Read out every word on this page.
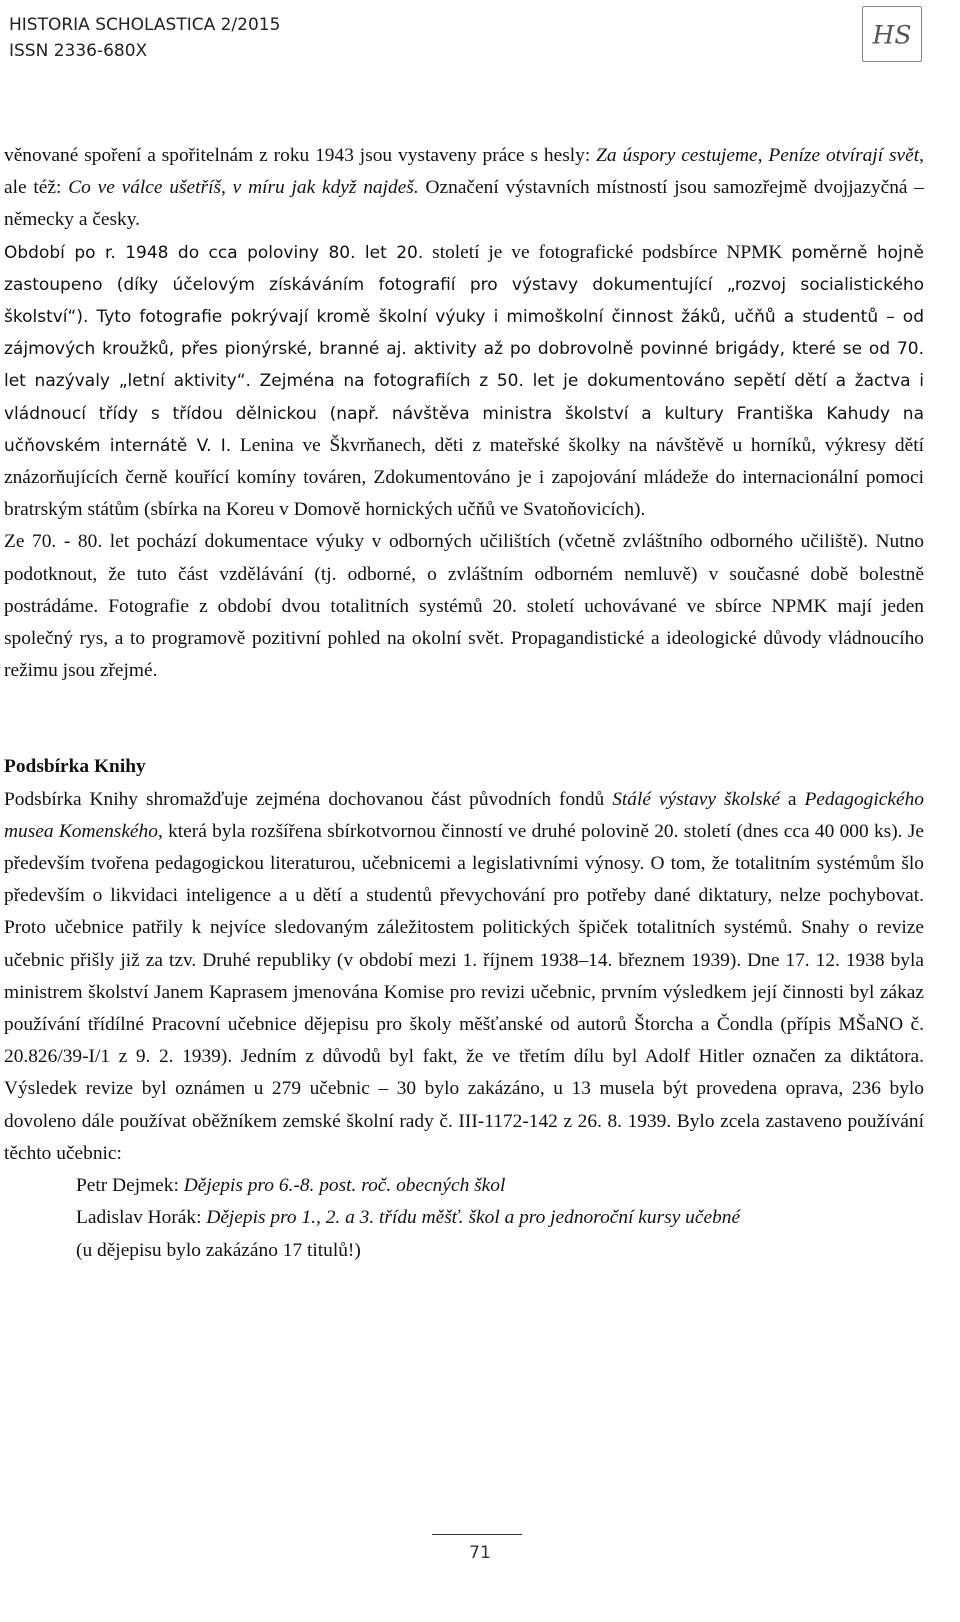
HISTORIA SCHOLASTICA 2/2015
ISSN 2336-680X
HS

věnované spoření a spořitelnám z roku 1943 jsou vystaveny práce s hesly: Za úspory cestujeme, Peníze otvírají svět, ale též: Co ve válce ušetříš, v míru jak když najdeš. Označení výstavních místností jsou samozřejmě dvojjazyčná – německy a česky.

Období po r. 1948 do cca poloviny 80. let 20. století je ve fotografické podsbírce NPMK poměrně hojně zastoupeno (díky účelovým získáváním fotografií pro výstavy dokumentující „rozvoj socialistického školství“). Tyto fotografie pokrývají kromě školní výuky i mimoškolní činnost žáků, učňů a studentů – od zájmových kroužků, přes pionýrské, branné aj. aktivity až po dobrovolně povinné brigády, které se od 70. let nazývaly „letní aktivity“. Zejména na fotografiích z 50. let je dokumentováno sepětí dětí a žactva i vládnoucí třídy s třídou dělnickou (např. návštěva ministra školství a kultury Františka Kahudy na učňovském internátě V. I. Lenina ve Škvrňanech, děti z mateřské školky na návštěvě u horníků, výkresy dětí znázorňujících černě kouřící komíny továren, Zdokumentováno je i zapojování mládeže do internacionální pomoci bratrským státům (sbírka na Koreu v Domově hornických učňů ve Svatoňovicích).

Ze 70. - 80. let pochází dokumentace výuky v odborných učilištích (včetně zvláštního odborného učiliště). Nutno podotknout, že tuto část vzdělávání (tj. odborné, o zvláštním odborném nemluvě) v současné době bolestně postrádáme. Fotografie z období dvou totalitních systémů 20. století uchovávané ve sbírce NPMK mají jeden společný rys, a to programově pozitivní pohled na okolní svět. Propagandistické a ideologické důvody vládnoucího režimu jsou zřejmé.

Podsbírka Knihy

Podsbírka Knihy shromažďuje zejména dochovanou část původních fondů Stálé výstavy školské a Pedagogického musea Komenského, která byla rozšířena sbírkotvornou činností ve druhé polovině 20. století (dnes cca 40 000 ks). Je především tvořena pedagogickou literaturou, učebnicemi a legislativními výnosy. O tom, že totalitním systémům šlo především o likvidaci inteligence a u dětí a studentů převychování pro potřeby dané diktatury, nelze pochybovat. Proto učebnice patřily k nejvíce sledovaným záležitostem politických špiček totalitních systémů. Snahy o revize učebnic přišly již za tzv. Druhé republiky (v období mezi 1. říjnem 1938–14. březnem 1939). Dne 17. 12. 1938 byla ministrem školství Janem Kaprasem jmenována Komise pro revizi učebnic, prvním výsledkem její činnosti byl zákaz používání třídílné Pracovní učebnice dějepisu pro školy měšťanské od autorů Štorcha a Čondla (přípis MŠaNO č. 20.826/39-I/1 z 9. 2. 1939). Jedním z důvodů byl fakt, že ve třetím dílu byl Adolf Hitler označen za diktátora. Výsledek revize byl oznámen u 279 učebnic – 30 bylo zakázáno, u 13 musela být provedena oprava, 236 bylo dovoleno dále používat oběžníkem zemské školní rady č. III-1172-142 z 26. 8. 1939. Bylo zcela zastaveno používání těchto učebnic:

Petr Dejmek: Dějepis pro 6.-8. post. roč. obecných škol

Ladislav Horák: Dějepis pro 1., 2. a 3. třídu měšť. škol a pro jednoroční kursy učebné

(u dějepisu bylo zakázáno 17 titulů!)

71
